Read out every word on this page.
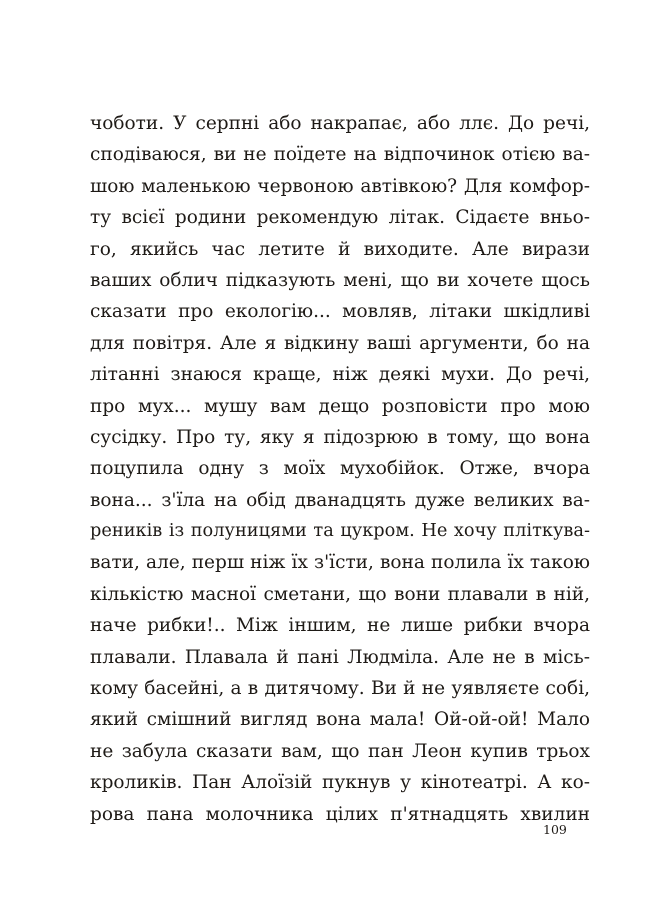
чоботи. У серпні або накрапає, або ллє. До речі,
сподіваюся, ви не поїдете на відпочинок отією ва-
шою маленькою червоною автівкою? Для комфор-
ту всієї родини рекомендую літак. Сідаєте вньо-
го, якийсь час летите й виходите. Але вирази
ваших облич підказують мені, що ви хочете щось
сказати про екологію... мовляв, літаки шкідливі
для повітря. Але я відкину ваші аргументи, бо на
літанні знаюся краще, ніж деякі мухи. До речі,
про мух... мушу вам дещо розповісти про мою
сусідку. Про ту, яку я підозрюю в тому, що вона
поцупила одну з моїх мухобійок. Отже, вчора
вона... з'їла на обід дванадцять дуже великих ва-
реників із полуницями та цукром. Не хочу пліткува-
вати, але, перш ніж їх з'їсти, вона полила їх такою
кількістю масної сметани, що вони плавали в ній,
наче рибки!.. Між іншим, не лише рибки вчора
плавали. Плавала й пані Людміла. Але не в місь-
кому басейні, а в дитячому. Ви й не уявляєте собі,
який смішний вигляд вона мала! Ой-ой-ой! Мало
не забула сказати вам, що пан Леон купив трьох
кроликів. Пан Алоїзій пукнув у кінотеатрі. А ко-
рова пана молочника цілих п'ятнадцять хвилин
109
